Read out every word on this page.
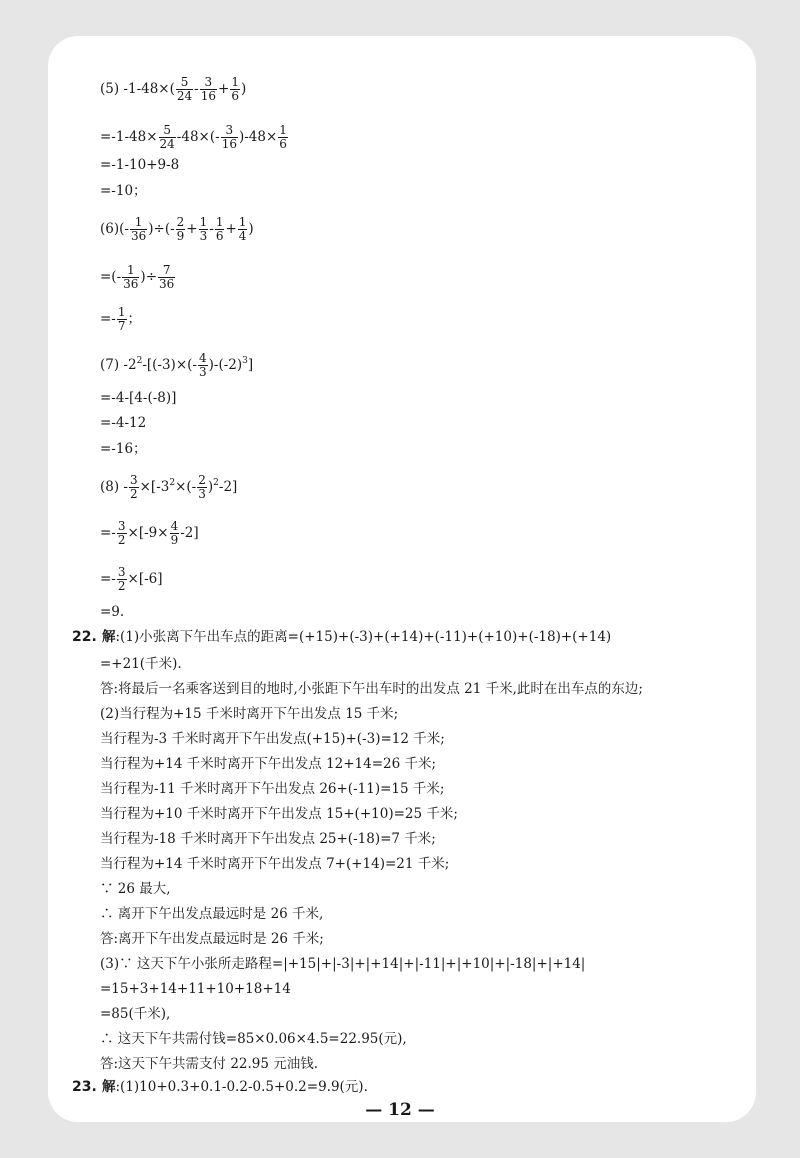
(5) $-1-48\times( \frac{5}{24} - \frac{3}{16} + \frac{1}{6}$ )
$=-1-48\times \frac{5}{24} -48\times(- \frac{3}{16} )-48\times \frac{1}{6}$
=-1-10+9-8
=-10；
$(6)(- \frac{1}{36}$ )÷(- $\frac{2}{9} + \frac{1}{3} - \frac{1}{6} + \frac{1}{4}$ )
=(- $\frac{1}{36}$ )÷ $\frac{7}{36}$
=- $\frac{1}{7}$ ；
(7) $-2^2-[(-3)\times(- \frac{4}{3} )-(-2)^3]$
=-4-[4-(-8)]
=-4-12
=-16；
$(8) - \frac{3}{2} \times[-3^2\times(- \frac{2}{3} )^2-2]$
=- $\frac{3}{2} \times[-9\times \frac{4}{9} -2]$
=- $\frac{3}{2} \times[-6]$
=9.
22. 解:(1)小张离下午出车点的距离=(+15)+(-3)+(+14)+(-11)+(+10)+(-18)+(+14)
=+21(千米).
答:将最后一名乘客送到目的地时,小张距下午出车时的出发点 21 千米,此时在出车点的东边;
(2)当行程为+15 千米时离开下午出发点 15 千米;
当行程为-3 千米时离开下午出发点(+15)+(-3)=12 千米;
当行程为+14 千米时离开下午出发点 12+14=26 千米;
当行程为-11 千米时离开下午出发点 26+(-11)=15 千米;
当行程为+10 千米时离开下午出发点 15+(+10)=25 千米;
当行程为-18 千米时离开下午出发点 25+(-18)=7 千米;
当行程为+14 千米时离开下午出发点 7+(+14)=21 千米;
∵ 26 最大,
∴ 离开下午出发点最远时是 26 千米,
答:离开下午出发点最远时是 26 千米;
(3)∵ 这天下午小张所走路程=|+15|+|-3|+|+14|+|-11|+|+10|+|-18|+|+14|
=15+3+14+11+10+18+14
=85(千米),
∴ 这天下午共需付钱=85×0.06×4.5=22.95(元),
答:这天下午共需支付 22.95 元油钱.
23. 解:(1)10+0.3+0.1-0.2-0.5+0.2=9.9(元).
— 12 —
